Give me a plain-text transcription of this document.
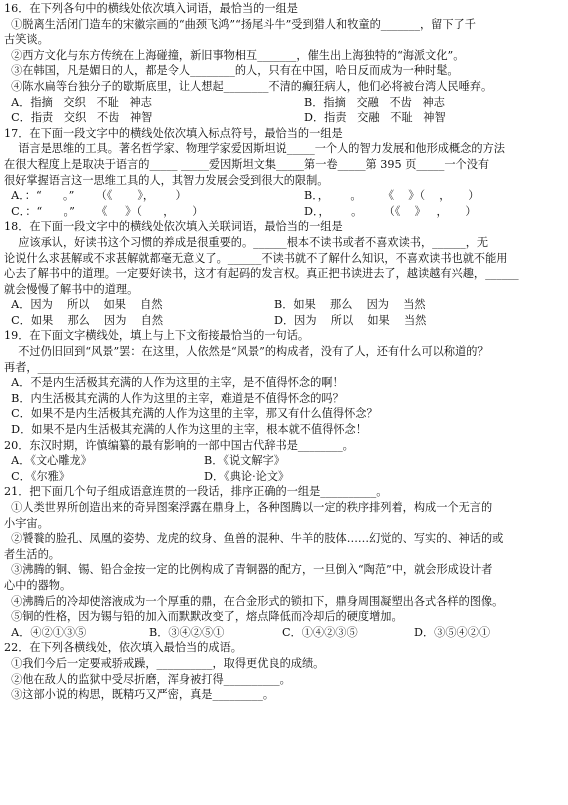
16．在下列各句中的横线处依次填入词语，最恰当的一组是
①脱离生活闭门造车的宋徽宗画的“曲颈飞鸿”“扬尾斗牛”受到猎人和牧童的_______，留下了千
古笑谈。
②西方文化与东方传统在上海碰撞，新旧事物相互_______，催生出上海独特的“海派文化”。
③在韩国，凡是媚日的人，都是令人________的人，只有在中国，哈日反而成为一种时髦。
④陈水扁等台独分子的歇斯底里，让人想起________不清的癫狂病人，他们必将被台湾人民唾弃。
A．指摘   交织   不耻   神志	B．指摘   交融   不齿   神志
C．指责   交织   不齿   神智	D．指责   交融   不耻   神智
17．在下面一段文字中的横线处依次填入标点符号，最恰当的一组是
语言是思维的工具。著名哲学家、物理学家爱因斯坦说_____一个人的智力发展和他形成概念的方法
在很大程度上是取决于语言的_____ _____爱因斯坦文集_____第一卷_____第 395 页_____一个没有
很好掌握语言这一思维工具的人，其智力发展会受到很大的限制。
A．：“      。”      （《       》，      ）	B．，      。      《    》（    ，     ）
C．：“      。”      《     》（      ，     ）	D．，      。      （《    》   ，     ）
18．在下面一段文字中的横线处依次填入关联词语，最恰当的一组是
应该承认，好读书这个习惯的养成是很重要的。______根本不读书或者不喜欢读书，______，无
论说什么求甚解或不求甚解就都毫无意义了。______不读书就不了解什么知识，不喜欢读书也就不能用
心去了解书中的道理。一定要好读书，这才有起码的发言权。真正把书读进去了，越读越有兴趣，______
就会慢慢了解书中的道理。
A．因为    所以    如果    自然	B．如果    那么    因为    当然
C．如果    那么    因为    自然	D．因为    所以    如果    当然
19．在下面文字横线处，填上与上下文衔接最恰当的一句话。
不过仍旧回到“风景”罢：在这里，人依然是“风景”的构成者，没有了人，还有什么可以称道的？
再者，_____________________________
A．不是内生活极其充满的人作为这里的主宰，是不值得怀念的啊！
B．内生活极其充满的人作为这里的主宰，难道是不值得怀念的吗？
C．如果不是内生活极其充满的人作为这里的主宰，那又有什么值得怀念？
D．如果不是内生活极其充满的人作为这里的主宰，根本就不值得怀念！
20．东汉时期，许慎编纂的最有影响的一部中国古代辞书是________。
A．《文心雕龙》	B．《说文解字》
C．《尔雅》	D．《典论·论文》
21．把下面几个句子组成语意连贯的一段话，排序正确的一组是__________。
①人类世界所创造出来的奇异图案浮露在鼎身上，各种图腾以一定的秩序排列着，构成一个无言的
小宇宙。
②饕餮的脸孔、凤凰的姿势、龙虎的纹身、鱼兽的混种、牛羊的肢体……幻觉的、写实的、神话的或
者生活的。
③沸腾的铜、锡、铅合金按一定的比例构成了青铜器的配方，一旦倒入“陶范”中，就会形成设计者
心中的器物。
④沸腾后的冷却使溶液成为一个厚重的鼎，在合金形式的锁扣下，鼎身周围凝塑出各式各样的图像。
⑤铜的性格，因为锡与铅的加入而默默改变了，熔点降低而冷却后的硬度增加。
A．④②①③⑤	B．③④②⑤①	C．①④②③⑤	D．③⑤④②①
22．在下列各横线处，依次填入最恰当的成语。
①我们今后一定要戒骄戒躁，__________，取得更优良的成绩。
②他在敌人的监狱中受尽折磨，浑身被打得__________。
③这部小说的构思，既精巧又严密，真是_________。
